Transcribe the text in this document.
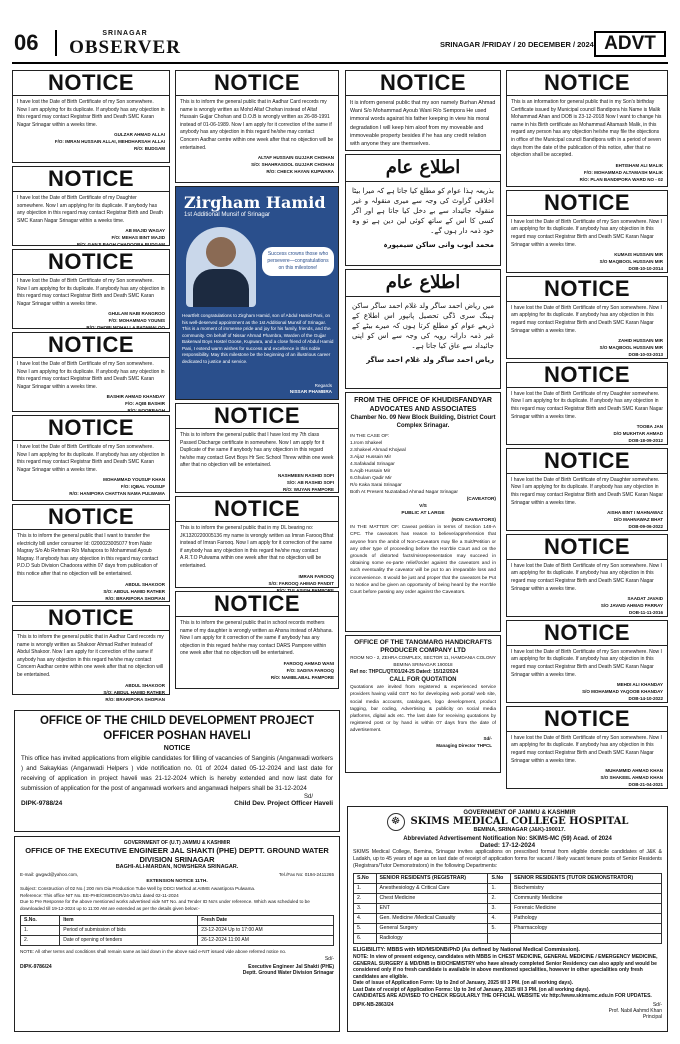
06	SRINAGAR
OBSERVER	SRINAGAR /FRIDAY / 20 DECEMBER / 2024 ADVT
NOTICE
I have lost the Date of Birth Certificate of my Son somewhere. Now I am applying for its duplicate. If anybody has any objection in this regard may contact Registrar Birth and Death SMC Karan Nagar Srinagar within a weeks time.
GULZAR AHMAD ALLAI
F/O: IMRAN HUSSAIN ALLAI, MEHDHARSAH ALLAI
R/O: BUDGAM
NOTICE
I have lost the Date of Birth Certificate of my Daughter somewhere. Now I am applying for its duplicate. If anybody has any objection in this regard may contact Registrar Birth and Death SMC Karan Nagar Srinagar within a weeks time.
AB MAJID WAGAY
F/O: MEHAS BINT MAJID
R/O: GANJI BAGH CHADOORA BUDGAM
NOTICE
I have lost the Date of Birth Certificate of my Son somewhere. Now I am applying for its duplicate. If anybody has any objection in this regard may contact Registrar Birth and Death SMC Karan Nagar Srinagar within a weeks time.
GHULAM NABI RANGROO
F/O: MOHAMMAD YOUNIS
R/O: DHOBI MOHALLA BATAMALOO
NOTICE
I have lost the Date of Birth Certificate of my Son somewhere. Now I am applying for its duplicate. If anybody has any objection in this regard may contact Registrar Birth and Death SMC Karan Nagar Srinagar within a weeks time.
BASHIR AHMAD KHANDAY
F/O: AQIB BASHIR
R/O: NOORBAGH
NOTICE
I have lost the Date of Birth Certificate of my Son somewhere. Now I am applying for its duplicate. If anybody has any objection in this regard may contact Registrar Birth and Death SMC Karan Nagar Srinagar within a weeks time.
MOHAMMAD YOUSUF KHAN
F/O: IQBAL YOUSUF
R/O: HANIPORA CHATTAN NAMA PULWAMA
NOTICE
This is to inform the general public that I want to transfer the electricity bill under consumer Id: 0200023005077 from Nabir Magray S/o Ab Rehman R/o Mahapora to Mohammad Ayoub Magray. If anybody has any objection in this regard may contact P.D.D Sub Division Chadoora within 07 days from publication of this notice after that no objection will be entertained.
ABDUL SHAKOOR
S/O: ABDUL HAMID RATHER
R/O: BRARIPORA SHOPIAN
NOTICE
This is to inform the general public that in Aadhar Card records my name is wrongly written as Shakoor Ahmad Rather instead of Abdul Shakoor. Now I am apply for it correction of the same if anybody has any objection in this regard he/she may contact Concern Aadhar centre within one week after that no objection will be entertained.
ABDUL SHAKOOR
S/O: ABDUL HAMID RATHER
R/O: BRARIPORA SHOPIAN
NOTICE
This is to inform the general public that in Aadhar Card records my name is wrongly written as Mohd Altaf Chohan instead of Altaf Hussain Gujjar Chohan and D.O.B is wrongly written as 26-08-1991 instead of 01-06-1989. Now I am apply for it correction of the same if anybody has any objection in this regard he/she may contact Concern Aadhar centre within one week after that no objection will be entertained.
ALTAF HUSSAIN GUJJAR CHOHAN
S/O: SHAHRASOOL GUJJAR CHOHAN
R/O: CHECK HAYAN KUPWARA
Zirgham Hamid
1st Additional Munsif of Srinagar
Success crowns those who persevere—congratulations on this milestone!
Heartfelt congratulations to Zirgham Hamid, son of Abdul Hamid Pani, on his well-deserved appointment as the 1st Additional Munsif of Srinagar. This is a moment of immense pride and joy for his family, friends, and the community. On behalf of Nissar Ahmad Phambra, Warden of the Gujjar Bakerwal Boys Hostel Goose, Kupwara, and a close friend of Abdul Hamid Pani, I extend warm wishes for success and excellence in this noble responsibility. May this milestone be the beginning of an illustrious career dedicated to justice and service.
Regards
NISSAR PHAMBRA
NOTICE
This is to inform the general public that I have lost my 7th class Passed Discharge certificate in somewhere. Now I am apply for it Duplicate of the same if anybody has any objection in this regard he/she may contact Govt Boys Hr Sec School Threw within one week after that no objection will be entertained.
NASHMEEN RASHID SOFI
S/O: AB RASHID SOFI
R/O: WUYAN PAMPORE
NOTICE
This is to inform the general public that in my DL bearing no: JK1320220005136 my name is wrongly written as Imran Farooq Bhat instead of Imran Farooq. Now I am apply for it correction of the same if anybody has any objection in this regard he/she may contact A.R.T.O Pulwama within one week after that no objection will be entertained.
IMRAN FAROOQ
S/O: FAROOQ AHMAD PANDIT
R/O: TULASIGH PAMPORE
NOTICE
This is to inform the general public that in school records mothers name of my daughter is wrongly written as Ahsna instead of Afshana. Now I am apply for it correction of the same if anybody has any objection in this regard he/she may contact DARS Pampore within one week after that no objection will be entertained.
FAROOQ AHMAD WANI
F/O: SADIYA FAROOQ
R/O: NAMBLABAL PAMPORE
NOTICE
It is inform general public that my son namely Burhan Ahmad Wani S/o Mohammad Ayoub Wani R/o Sempora He used immoral words against his father keeping in view his moral degradation I will keep him aloof from my moveable and immoveable property besides if he has any credit relation with anyone they are themselves.
اطلاع عام
بذریعہ ہذا عوام کو مطلع کیا جاتا ہے کہ میرا بیٹا اخلاقی گراوٹ کی وجہ سے میری منقولہ و غیر منقولہ جائیداد سے بے دخل کیا جاتا ہے اور اگر کسی کا اس کے ساتھ کوئی لین دین ہے تو وہ خود ذمہ دار ہوں گے۔
محمد ایوب وانی ساکن سیمپورہ
اطلاع عام
میں ریاض احمد ساگر ولد غلام احمد ساگر ساکن ہینگ سری ڈگی تحصیل پانپور اس اطلاع کے ذریعے عوام کو مطلع کرتا ہوں کہ میرے بیٹے کے غیر ذمہ دارانہ رویہ کی وجہ سے اس کو اپنی جائیداد سے عاق کیا جاتا ہے۔
ریاض احمد ساگر ولد غلام احمد ساگر
FROM THE OFFICE OF KHUDISFANDYAR ADVOCATES AND ASSOCIATES
Chamber No. 09 New Block Building, District Court Complex Srinagar.
IN THE CASE OF:
1.Irom Shakeel
2.Shakeel Ahmad Khojwal
3.Aijaz Hussain Mir
4.Safakadal Srinagar
5.Aqib Hussain Mir
6.Ghulam Qadir Mir
R/o Kaka Sarai Srinagar
Both At Present Nuzatabad Ahmad Nagar Srinagar
(CAVEATOR)
V/S
PUBLIC AT LARGE
(NON CAVEATORS)
IN THE MATTER OF: Caveat petition in terms of Section 148-A CPC. The caveators has reason to believe/apprehension that anyone from the ambit of Non-Caveators may file a Suit/Petition or any other type of proceeding before the Hon'ble Court and on the grounds of distorted facts/misrepresentation may succeed in obtaining some ex-parte relief/order against the caveators and in such eventuality the caveator will be put to an irreparable loss and inconvenience. It would be just and proper that the caveators be Put to Notice and be given an opportunity of being heard by the Hon'ble Court before passing any order against the Caveators.
OFFICE OF THE TANGMARG HANDICRAFTS PRODUCER COMPANY LTD
ROOM NO - 2, ZEHRA COMPLEX, SECTOR 11, HAMDANIA COLONY BEMINA SRINAGAR 190018
Ref no: THPCL/QT/01/24-25 Dated: 15/12/2024
CALL FOR QUOTATION
Quotations are invited from registered & experienced service providers having valid GST No for developing web portal/ web site, social media accounts, catalogues, logo development, product tagging, bar coding, Advertising & publicity on social media platforms, digital ads etc. The last date for receiving quotations by registered post or by hand is within 07 days from the date of advertisement.
Sd/-
Managing Director THPCL
NOTICE
This is an information for general public that in my Son's birthday Certificate issued by Municipal council Bandipora his Name is Malik Mohammad Ahan and DOB is 23-12-2018 Now I want to change his name in his Birth certificate as Mohammad Altamash Malik, in this regard any person has any objection he/she may file the objections in office of the Municipal council Bandipora with in a period of seven days from the date of the publication of this notice, after that no objection shall be accepted.
EHTISHAM ALI MALIK
F/O: MOHAMMAD ALTAMASH MALIK
R/O: PLAN BANDIPORA WARD NO - 02
NOTICE
I have lost the Date of Birth Certificate of my Son somewhere. Now I am applying for its duplicate. If anybody has any objection in this regard may contact Registrar Birth and Death SMC Karan Nagar Srinagar within a weeks time.
KUMAIS HUSSAIN MIR
S/O MAQBOOL HUSSAIN MIR
DOB-10-10-2014
NOTICE
I have lost the Date of Birth Certificate of my Son somewhere. Now I am applying for its duplicate. If anybody has any objection in this regard may contact Registrar Birth and Death SMC Karan Nagar Srinagar within a weeks time.
ZAHID HUSSAIN MIR
S/O MAQBOOL HUSSAIN MIR
DOB-10-03-2013
NOTICE
I have lost the Date of Birth Certificate of my Daughter somewhere. Now I am applying for its duplicate. If anybody has any objection in this regard may contact Registrar Birth and Death SMC Karan Nagar Srinagar within a weeks time.
TOOBA JAN
D/O MUKHTAR AHMAD
DOB-18-09-2012
NOTICE
I have lost the Date of Birth Certificate of my Daughter somewhere. Now I am applying for its duplicate. If anybody has any objection in this regard may contact Registrar Birth and Death SMC Karan Nagar Srinagar within a weeks time.
AISHA BINT I MAHNAWAZ
D/O MAHNAWAZ BHAT
DOB-09-06-2022
NOTICE
I have lost the Date of Birth Certificate of my Son somewhere. Now I am applying for its duplicate. If anybody has any objection in this regard may contact Registrar Birth and Death SMC Karan Nagar Srinagar within a weeks time.
SAADAT JAVAID
S/O JAVAID AHMAD PARRAY
DOB-11-11-2016
NOTICE
I have lost the Date of Birth Certificate of my Son somewhere. Now I am applying for its duplicate. If anybody has any objection in this regard may contact Registrar Birth and Death SMC Karan Nagar Srinagar within a weeks time.
MEHDI ALI KHANDAY
S/O MOHAMMAD YAQOOB KHANDAY
DOB-14-10-2022
NOTICE
I have lost the Date of Birth Certificate of my Son somewhere. Now I am applying for its duplicate. If anybody has any objection in this regard may contact Registrar Birth and Death SMC Karan Nagar Srinagar within a weeks time.
MUHAMMID AHMAD KHAN
S/O SHAKEEL AHMAD KHAN
DOB-21-04-2021
OFFICE OF THE CHILD DEVELOPMENT PROJECT
OFFICER POSHAN HAVELI
NOTICE
This office has invited applications from eligible candidates for filling of vacancies of Sanginis (Anganwadi workers ) and Sakaykias (Anganwadi Helpers ) vide notification no. 01 of 2024 dated 05-12-2024 and last date for receiving of application in project haveli was 21-12-2024 which is hereby extended and now last date for submission of application for the post of anganwadi workers and anganwadi helpers shall be 31-12-2024
Sd/
DIPK-9788/24	Child Dev. Project Officer Haveli
GOVERNMENT OF (U.T) JAMMU & KASHMIR
OFFICE OF THE EXECUTIVE ENGINEER JAL SHAKTI (PHE) DEPTT. GROUND WATER DIVISION SRINAGAR
BAGHI-ALI-MARDAN, NOWSHERA SRINAGAR.
E-mail: gwgwd@yahoo.com,	Tel./Fax No: 0194-2411265
EXTENSION NOTICE 11TH.
Subject: Construction of 02 No.( 200 mm Dia Production Tube Well by DDCI Method at AIIMS Awantipora Pulwama.
Reference: This office NIT No. EE-PHE/GWDSGR/24-25/11 dated 02-11-2024
Due to Pre Response for the above mentioned works advertised vide NIT No. and Tender ID No's under reference. Which was scheduled to be downloaded till 19-12-2024 up to 11:00 AM are extended as per the details given below:-
S.No.	Item	Fresh Date
1.	Period of submission of bids	23-12-2024 Up to 17:00 AM
2.	Date of opening of tenders	26-12-2024 11:00 AM
NOTE: All other terms and conditions shall remain same as laid down in the above said e-NIT issued vide above referred notice no.
Sd/-
DIPK-9786/24	Executive Engineer Jal Shakti (PHE)
Deptt. Ground Water Division Srinagar
☸
GOVERNMENT OF JAMMU & KASHMIR
SKIMS MEDICAL COLLEGE HOSPITAL
BEMINA, SRINAGAR (J&K)-190017.
Abbreviated Advertisement Notification No: SKIMS-MC (59) Acad. of 2024
Dated: 17-12-2024
SKIMS Medical College, Bemina, Srinagar invites applications on prescribed format from eligible domicile candidates of J&K & Ladakh, up to 45 years of age as on last date of receipt of application forms for vacant / likely vacant tenure posts of Senior Residents (Registrars/Tutor Demonstrators) in the following Departments:
S.No	SENIOR RESIDENTS (REGISTRAR)	S.No	SENIOR RESIDENTS (TUTOR DEMONSTRATOR)
1.	Anesthesiology & Critical Care	1.	Biochemistry
2.	Chest Medicine	2.	Community Medicine
3.	ENT	3.	Forensic Medicine
4.	Gen. Medicine /Medical Casualty	4.	Pathology
5.	General Surgery	5.	Pharmacology
6.	Radiology		
ELIGIBILITY: MBBS with MD/MS/DNB/PhD (As defined by National Medical Commission).
NOTE: In view of present exigency, candidates with MBBS in CHEST MEDICINE, GENERAL MEDICINE / EMERGENCY MEDICINE, GENERAL SURGERY & MD/DNB in BIOCHEMISTRY who have already completed Senior Residency can also apply and would be considered only if no fresh candidate is available in above mentioned specialities, however in other specialities only fresh candidates are eligible.
Date of issue of Application Form: Up to 2nd of January, 2025 till 3 PM. (on all working days).
Last Date of receipt of Application Forms: Up to 3rd of January, 2025 till 3 PM. (on all working days).
CANDIDATES ARE ADVISED TO CHECK REGULARLY THE OFFICIAL WEBSITE viz http://www.skimsmc.edu.in FOR UPDATES.
DIPK-NB-2863/24	Sd/-
Prof. Nabil Aahmd Khan
Principal
